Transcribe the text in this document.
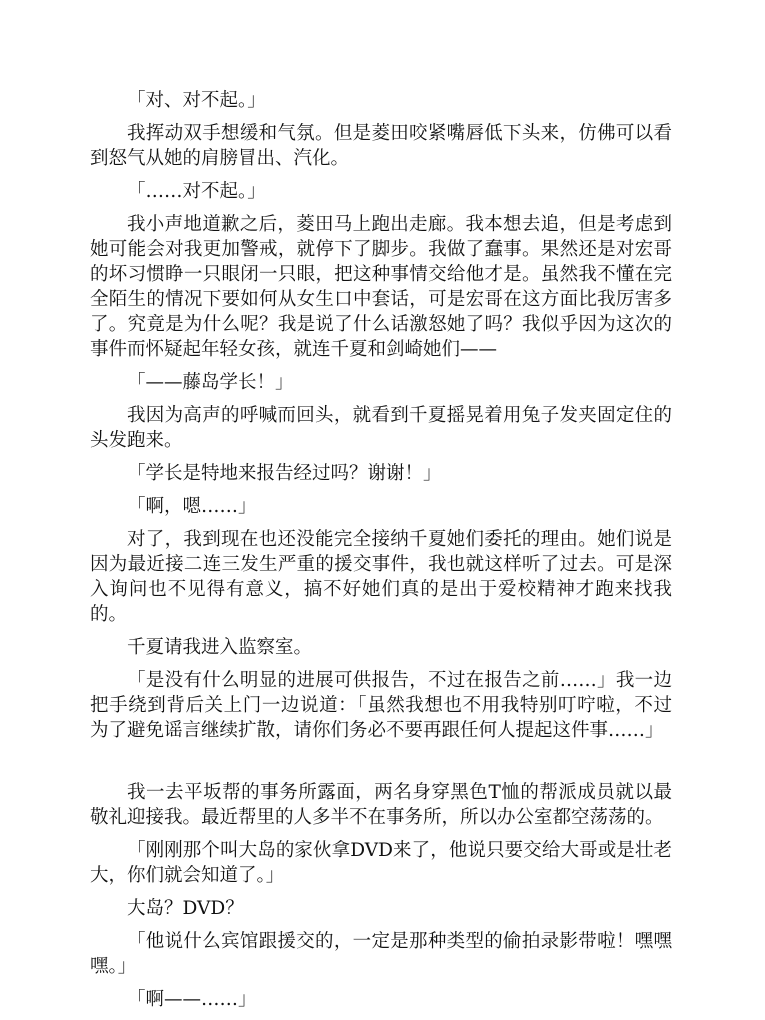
「对、对不起。」

我挥动双手想缓和气氛。但是菱田咬紧嘴唇低下头来，仿佛可以看到怒气从她的肩膀冒出、汽化。

「……对不起。」

我小声地道歉之后，菱田马上跑出走廊。我本想去追，但是考虑到她可能会对我更加警戒，就停下了脚步。我做了蠢事。果然还是对宏哥的坏习惯睁一只眼闭一只眼，把这种事情交给他才是。虽然我不懂在完全陌生的情况下要如何从女生口中套话，可是宏哥在这方面比我厉害多了。究竟是为什么呢？我是说了什么话激怒她了吗？我似乎因为这次的事件而怀疑起年轻女孩，就连千夏和剑崎她们——

「——藤岛学长！」

我因为高声的呼喊而回头，就看到千夏摇晃着用兔子发夹固定住的头发跑来。

「学长是特地来报告经过吗？谢谢！」

「啊，嗯……」

对了，我到现在也还没能完全接纳千夏她们委托的理由。她们说是因为最近接二连三发生严重的援交事件，我也就这样听了过去。可是深入询问也不见得有意义，搞不好她们真的是出于爱校精神才跑来找我的。

千夏请我进入监察室。

「是没有什么明显的进展可供报告，不过在报告之前……」我一边把手绕到背后关上门一边说道：「虽然我想也不用我特别叮咛啦，不过为了避免谣言继续扩散，请你们务必不要再跟任何人提起这件事……」

我一去平坂帮的事务所露面，两名身穿黑色T恤的帮派成员就以最敬礼迎接我。最近帮里的人多半不在事务所，所以办公室都空荡荡的。

「刚刚那个叫大岛的家伙拿DVD来了，他说只要交给大哥或是壮老大，你们就会知道了。」

大岛？DVD？

「他说什么宾馆跟援交的，一定是那种类型的偷拍录影带啦！嘿嘿嘿。」

「啊——……」
